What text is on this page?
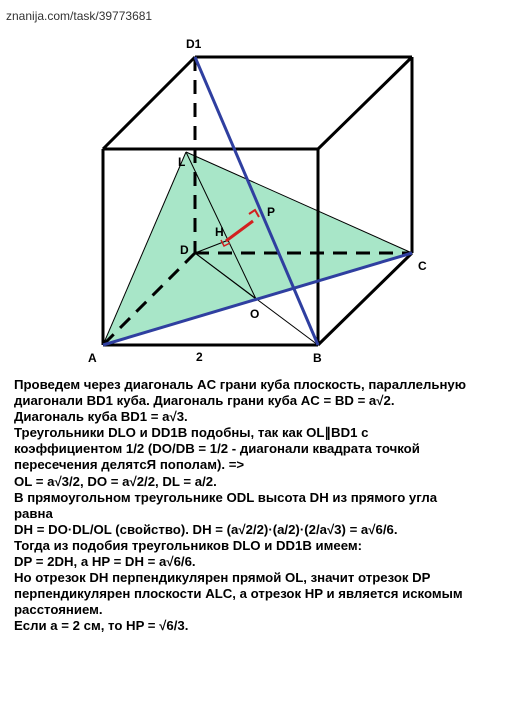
znanija.com/task/39773681
D1
L
P
H
D
C
O
A	B
2
Проведем через диагональ AC грани куба плоскость, параллельную
диагонали BD1 куба. Диагональ грани куба AC = BD = a√2.
Диагональ куба BD1 = a√3.
Треугольники DLO и DD1B подобны, так как OL∥BD1 с
коэффициентом 1/2 (DO/DB = 1/2 - диагонали квадрата точкой
пересечения делятсЯ пополам). =>
OL = a√3/2, DO = a√2/2, DL = a/2.
В прямоугольном треугольнике ODL высота DH из прямого угла
равна
DH = DO·DL/OL (свойство). DH = (a√2/2)·(a/2)·(2/a√3) = a√6/6.
Тогда из подобия треугольников DLO и DD1B имеем:
DP = 2DH, а HP = DH = a√6/6.
Но отрезок DH перпендикулярен прямой OL, значит отрезок DP
перпендикулярен плоскости ALC, а отрезок HP и является искомым
расстоянием.
Если a = 2 см, то HP = √6/3.
